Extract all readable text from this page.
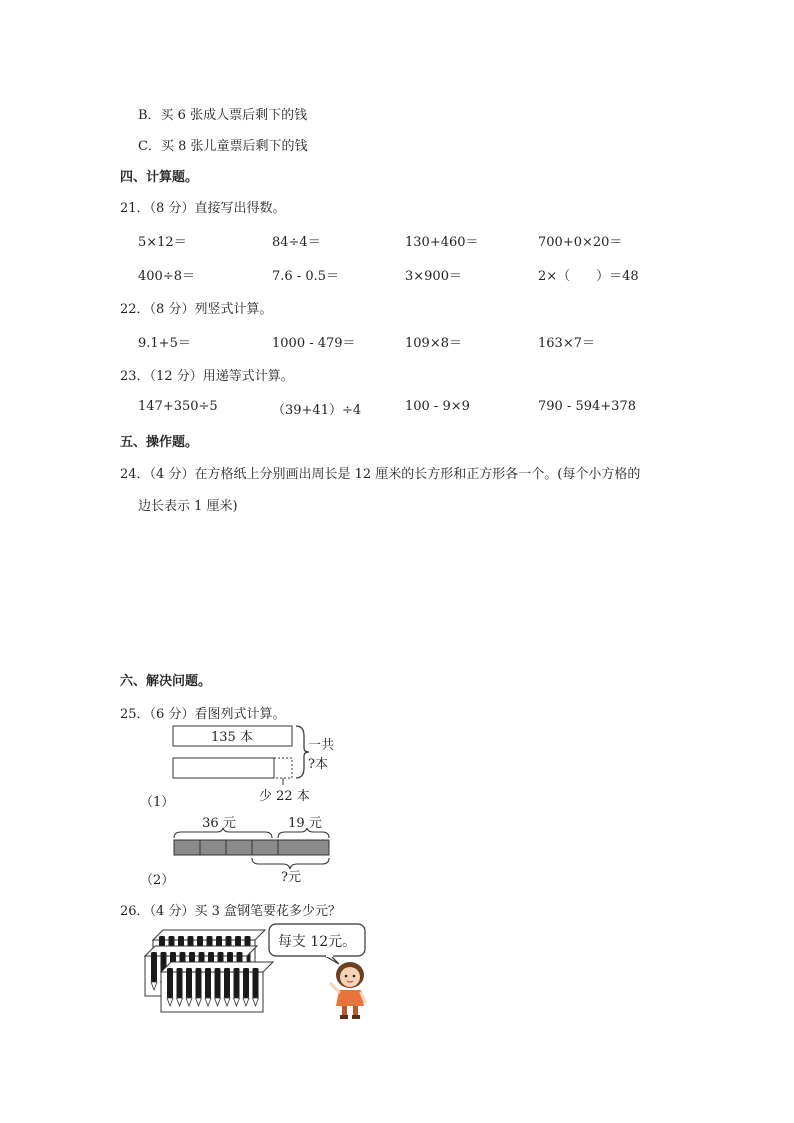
B．买 6 张成人票后剩下的钱
C．买 8 张儿童票后剩下的钱
四、计算题。
21．（8 分）直接写出得数。
5×12＝	84÷4＝	130+460＝	700+0×20＝
400÷8＝	7.6 - 0.5＝	3×900＝	2×（　　）＝48
22．（8 分）列竖式计算。
9.1+5＝	1000 - 479＝	109×8＝	163×7＝
23．（12 分）用递等式计算。
147+350÷5	（39+41）÷4	100 - 9×9	790 - 594+378
五、操作题。
24．（4 分）在方格纸上分别画出周长是 12 厘米的长方形和正方形各一个。(每个小方格的
边长表示 1 厘米)
六、解决问题。
25．（6 分）看图列式计算。
135 本
一共
?本
少 22 本
（1）
36 元	19 元
?元
（2）
26．（4 分）买 3 盒钢笔要花多少元？
每支 12元。
